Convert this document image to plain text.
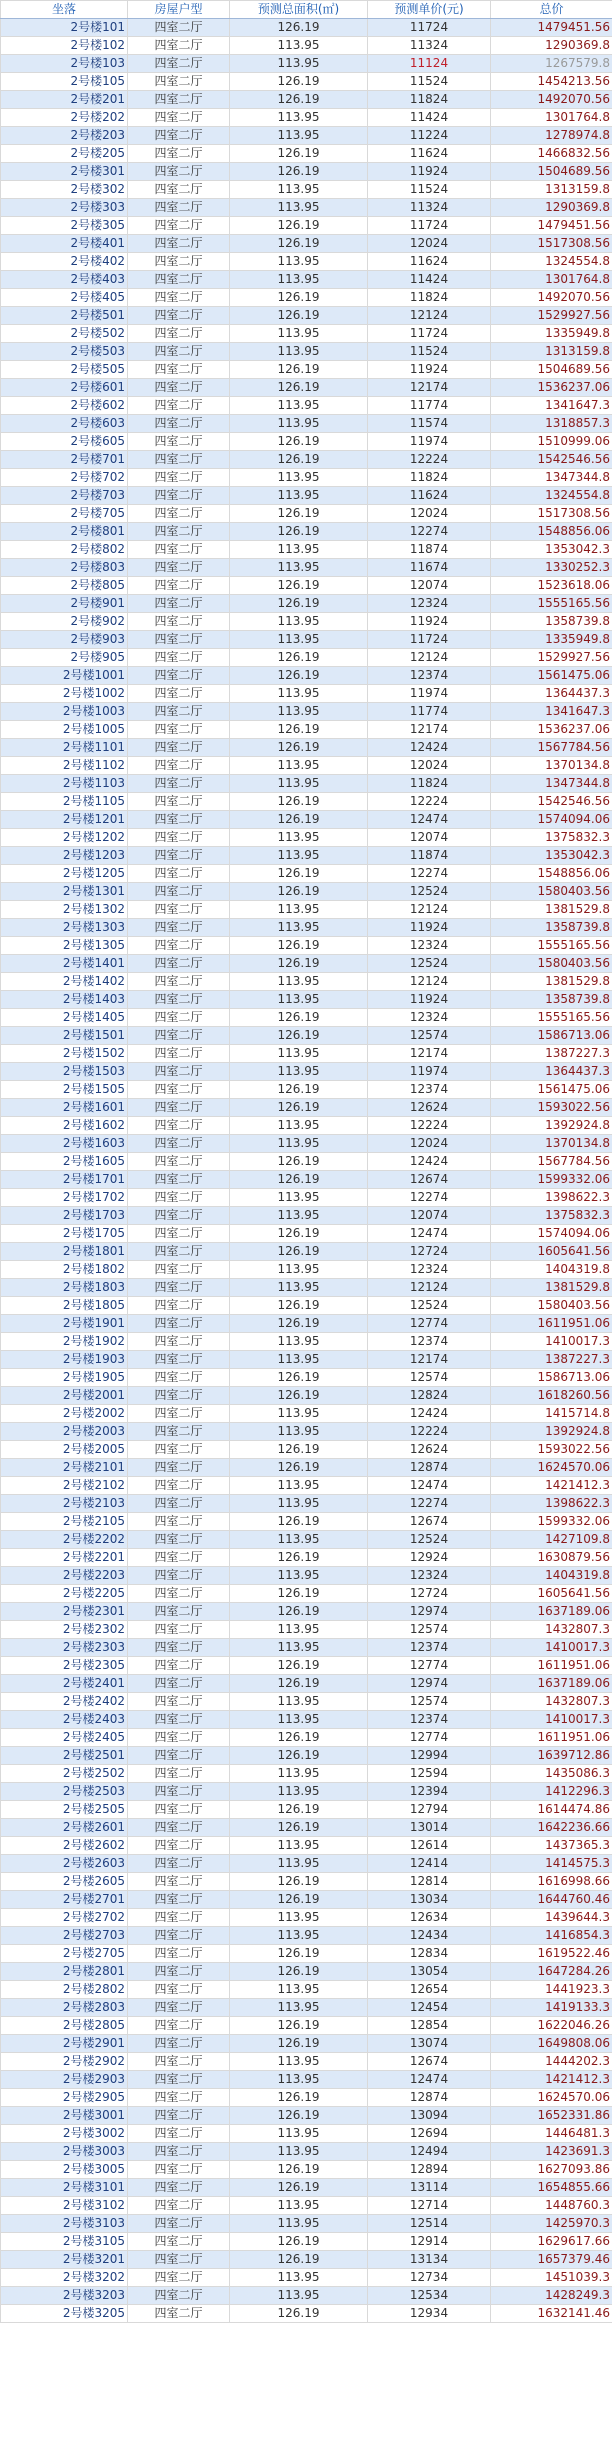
坐落	房屋户型	预测总面积(㎡)	预测单价(元)	总价
2号楼101	四室二厅	126.19	11724	1479451.56
2号楼102	四室二厅	113.95	11324	1290369.8
2号楼103	四室二厅	113.95	11124	1267579.8
2号楼105	四室二厅	126.19	11524	1454213.56
2号楼201	四室二厅	126.19	11824	1492070.56
2号楼202	四室二厅	113.95	11424	1301764.8
2号楼203	四室二厅	113.95	11224	1278974.8
2号楼205	四室二厅	126.19	11624	1466832.56
2号楼301	四室二厅	126.19	11924	1504689.56
2号楼302	四室二厅	113.95	11524	1313159.8
2号楼303	四室二厅	113.95	11324	1290369.8
2号楼305	四室二厅	126.19	11724	1479451.56
2号楼401	四室二厅	126.19	12024	1517308.56
2号楼402	四室二厅	113.95	11624	1324554.8
2号楼403	四室二厅	113.95	11424	1301764.8
2号楼405	四室二厅	126.19	11824	1492070.56
2号楼501	四室二厅	126.19	12124	1529927.56
2号楼502	四室二厅	113.95	11724	1335949.8
2号楼503	四室二厅	113.95	11524	1313159.8
2号楼505	四室二厅	126.19	11924	1504689.56
2号楼601	四室二厅	126.19	12174	1536237.06
2号楼602	四室二厅	113.95	11774	1341647.3
2号楼603	四室二厅	113.95	11574	1318857.3
2号楼605	四室二厅	126.19	11974	1510999.06
2号楼701	四室二厅	126.19	12224	1542546.56
2号楼702	四室二厅	113.95	11824	1347344.8
2号楼703	四室二厅	113.95	11624	1324554.8
2号楼705	四室二厅	126.19	12024	1517308.56
2号楼801	四室二厅	126.19	12274	1548856.06
2号楼802	四室二厅	113.95	11874	1353042.3
2号楼803	四室二厅	113.95	11674	1330252.3
2号楼805	四室二厅	126.19	12074	1523618.06
2号楼901	四室二厅	126.19	12324	1555165.56
2号楼902	四室二厅	113.95	11924	1358739.8
2号楼903	四室二厅	113.95	11724	1335949.8
2号楼905	四室二厅	126.19	12124	1529927.56
2号楼1001	四室二厅	126.19	12374	1561475.06
2号楼1002	四室二厅	113.95	11974	1364437.3
2号楼1003	四室二厅	113.95	11774	1341647.3
2号楼1005	四室二厅	126.19	12174	1536237.06
2号楼1101	四室二厅	126.19	12424	1567784.56
2号楼1102	四室二厅	113.95	12024	1370134.8
2号楼1103	四室二厅	113.95	11824	1347344.8
2号楼1105	四室二厅	126.19	12224	1542546.56
2号楼1201	四室二厅	126.19	12474	1574094.06
2号楼1202	四室二厅	113.95	12074	1375832.3
2号楼1203	四室二厅	113.95	11874	1353042.3
2号楼1205	四室二厅	126.19	12274	1548856.06
2号楼1301	四室二厅	126.19	12524	1580403.56
2号楼1302	四室二厅	113.95	12124	1381529.8
2号楼1303	四室二厅	113.95	11924	1358739.8
2号楼1305	四室二厅	126.19	12324	1555165.56
2号楼1401	四室二厅	126.19	12524	1580403.56
2号楼1402	四室二厅	113.95	12124	1381529.8
2号楼1403	四室二厅	113.95	11924	1358739.8
2号楼1405	四室二厅	126.19	12324	1555165.56
2号楼1501	四室二厅	126.19	12574	1586713.06
2号楼1502	四室二厅	113.95	12174	1387227.3
2号楼1503	四室二厅	113.95	11974	1364437.3
2号楼1505	四室二厅	126.19	12374	1561475.06
2号楼1601	四室二厅	126.19	12624	1593022.56
2号楼1602	四室二厅	113.95	12224	1392924.8
2号楼1603	四室二厅	113.95	12024	1370134.8
2号楼1605	四室二厅	126.19	12424	1567784.56
2号楼1701	四室二厅	126.19	12674	1599332.06
2号楼1702	四室二厅	113.95	12274	1398622.3
2号楼1703	四室二厅	113.95	12074	1375832.3
2号楼1705	四室二厅	126.19	12474	1574094.06
2号楼1801	四室二厅	126.19	12724	1605641.56
2号楼1802	四室二厅	113.95	12324	1404319.8
2号楼1803	四室二厅	113.95	12124	1381529.8
2号楼1805	四室二厅	126.19	12524	1580403.56
2号楼1901	四室二厅	126.19	12774	1611951.06
2号楼1902	四室二厅	113.95	12374	1410017.3
2号楼1903	四室二厅	113.95	12174	1387227.3
2号楼1905	四室二厅	126.19	12574	1586713.06
2号楼2001	四室二厅	126.19	12824	1618260.56
2号楼2002	四室二厅	113.95	12424	1415714.8
2号楼2003	四室二厅	113.95	12224	1392924.8
2号楼2005	四室二厅	126.19	12624	1593022.56
2号楼2101	四室二厅	126.19	12874	1624570.06
2号楼2102	四室二厅	113.95	12474	1421412.3
2号楼2103	四室二厅	113.95	12274	1398622.3
2号楼2105	四室二厅	126.19	12674	1599332.06
2号楼2202	四室二厅	113.95	12524	1427109.8
2号楼2201	四室二厅	126.19	12924	1630879.56
2号楼2203	四室二厅	113.95	12324	1404319.8
2号楼2205	四室二厅	126.19	12724	1605641.56
2号楼2301	四室二厅	126.19	12974	1637189.06
2号楼2302	四室二厅	113.95	12574	1432807.3
2号楼2303	四室二厅	113.95	12374	1410017.3
2号楼2305	四室二厅	126.19	12774	1611951.06
2号楼2401	四室二厅	126.19	12974	1637189.06
2号楼2402	四室二厅	113.95	12574	1432807.3
2号楼2403	四室二厅	113.95	12374	1410017.3
2号楼2405	四室二厅	126.19	12774	1611951.06
2号楼2501	四室二厅	126.19	12994	1639712.86
2号楼2502	四室二厅	113.95	12594	1435086.3
2号楼2503	四室二厅	113.95	12394	1412296.3
2号楼2505	四室二厅	126.19	12794	1614474.86
2号楼2601	四室二厅	126.19	13014	1642236.66
2号楼2602	四室二厅	113.95	12614	1437365.3
2号楼2603	四室二厅	113.95	12414	1414575.3
2号楼2605	四室二厅	126.19	12814	1616998.66
2号楼2701	四室二厅	126.19	13034	1644760.46
2号楼2702	四室二厅	113.95	12634	1439644.3
2号楼2703	四室二厅	113.95	12434	1416854.3
2号楼2705	四室二厅	126.19	12834	1619522.46
2号楼2801	四室二厅	126.19	13054	1647284.26
2号楼2802	四室二厅	113.95	12654	1441923.3
2号楼2803	四室二厅	113.95	12454	1419133.3
2号楼2805	四室二厅	126.19	12854	1622046.26
2号楼2901	四室二厅	126.19	13074	1649808.06
2号楼2902	四室二厅	113.95	12674	1444202.3
2号楼2903	四室二厅	113.95	12474	1421412.3
2号楼2905	四室二厅	126.19	12874	1624570.06
2号楼3001	四室二厅	126.19	13094	1652331.86
2号楼3002	四室二厅	113.95	12694	1446481.3
2号楼3003	四室二厅	113.95	12494	1423691.3
2号楼3005	四室二厅	126.19	12894	1627093.86
2号楼3101	四室二厅	126.19	13114	1654855.66
2号楼3102	四室二厅	113.95	12714	1448760.3
2号楼3103	四室二厅	113.95	12514	1425970.3
2号楼3105	四室二厅	126.19	12914	1629617.66
2号楼3201	四室二厅	126.19	13134	1657379.46
2号楼3202	四室二厅	113.95	12734	1451039.3
2号楼3203	四室二厅	113.95	12534	1428249.3
2号楼3205	四室二厅	126.19	12934	1632141.46
